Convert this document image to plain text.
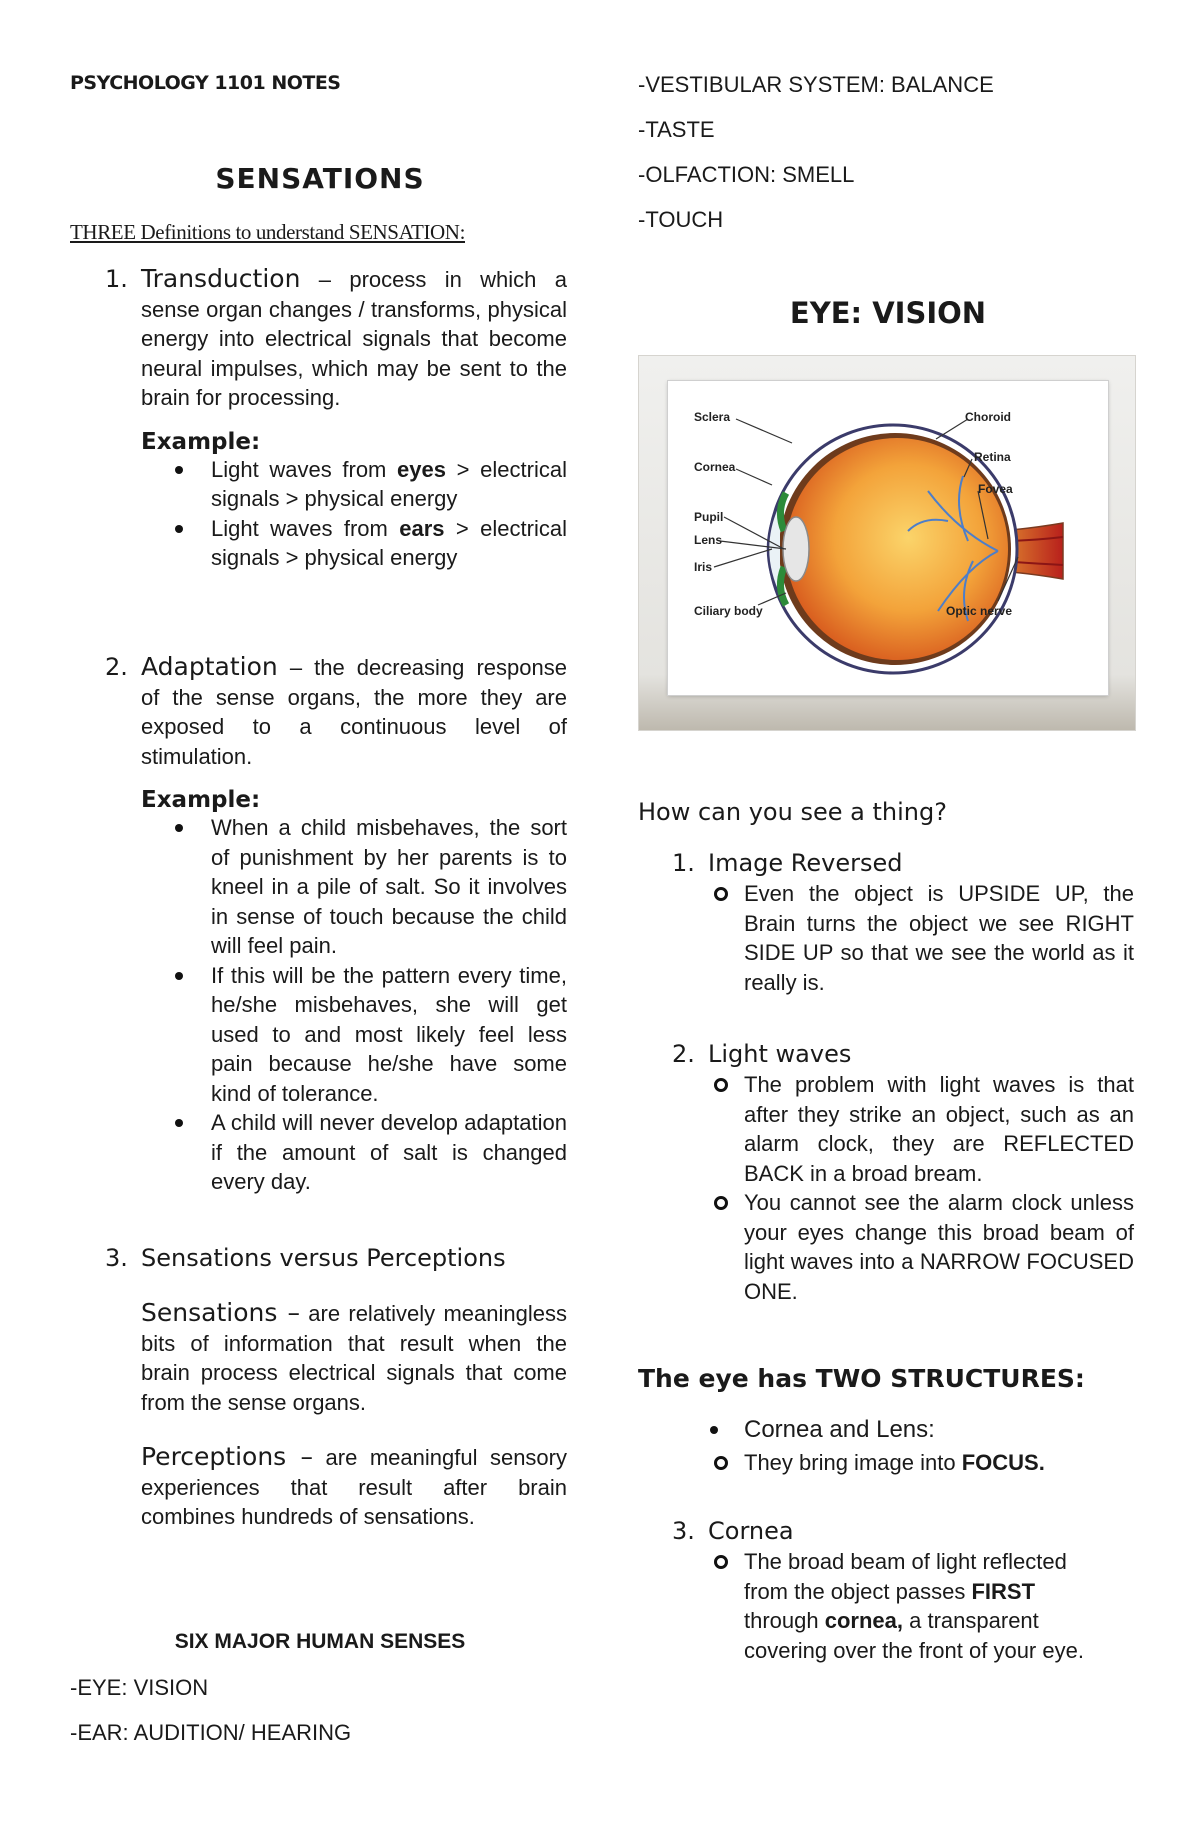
PSYCHOLOGY 1101 NOTES
SENSATIONS
THREE Definitions to understand SENSATION:
1. Transduction – process in which a sense organ changes / transforms, physical energy into electrical signals that become neural impulses, which may be sent to the brain for processing.
Example:
Light waves from eyes > electrical signals > physical energy
Light waves from ears > electrical signals > physical energy
2. Adaptation – the decreasing response of the sense organs, the more they are exposed to a continuous level of stimulation.
Example:
When a child misbehaves, the sort of punishment by her parents is to kneel in a pile of salt. So it involves in sense of touch because the child will feel pain.
If this will be the pattern every time, he/she misbehaves, she will get used to and most likely feel less pain because he/she have some kind of tolerance.
A child will never develop adaptation if the amount of salt is changed every day.
3. Sensations versus Perceptions
Sensations – are relatively meaningless bits of information that result when the brain process electrical signals that come from the sense organs.
Perceptions – are meaningful sensory experiences that result after brain combines hundreds of sensations.
SIX MAJOR HUMAN SENSES
-EYE: VISION
-EAR: AUDITION/ HEARING
-VESTIBULAR SYSTEM: BALANCE
-TASTE
-OLFACTION: SMELL
-TOUCH
EYE: VISION
Sclera
Cornea
Pupil
Lens
Iris
Ciliary body
Choroid
Retina
Fovea
Optic nerve
How can you see a thing?
1. Image Reversed
Even the object is UPSIDE UP, the Brain turns the object we see RIGHT SIDE UP so that we see the world as it really is.
2. Light waves
The problem with light waves is that after they strike an object, such as an alarm clock, they are REFLECTED BACK in a broad bream.
You cannot see the alarm clock unless your eyes change this broad beam of light waves into a NARROW FOCUSED ONE.
The eye has TWO STRUCTURES:
Cornea and Lens:
They bring image into FOCUS.
3. Cornea
The broad beam of light reflected from the object passes FIRST through cornea, a transparent covering over the front of your eye.
